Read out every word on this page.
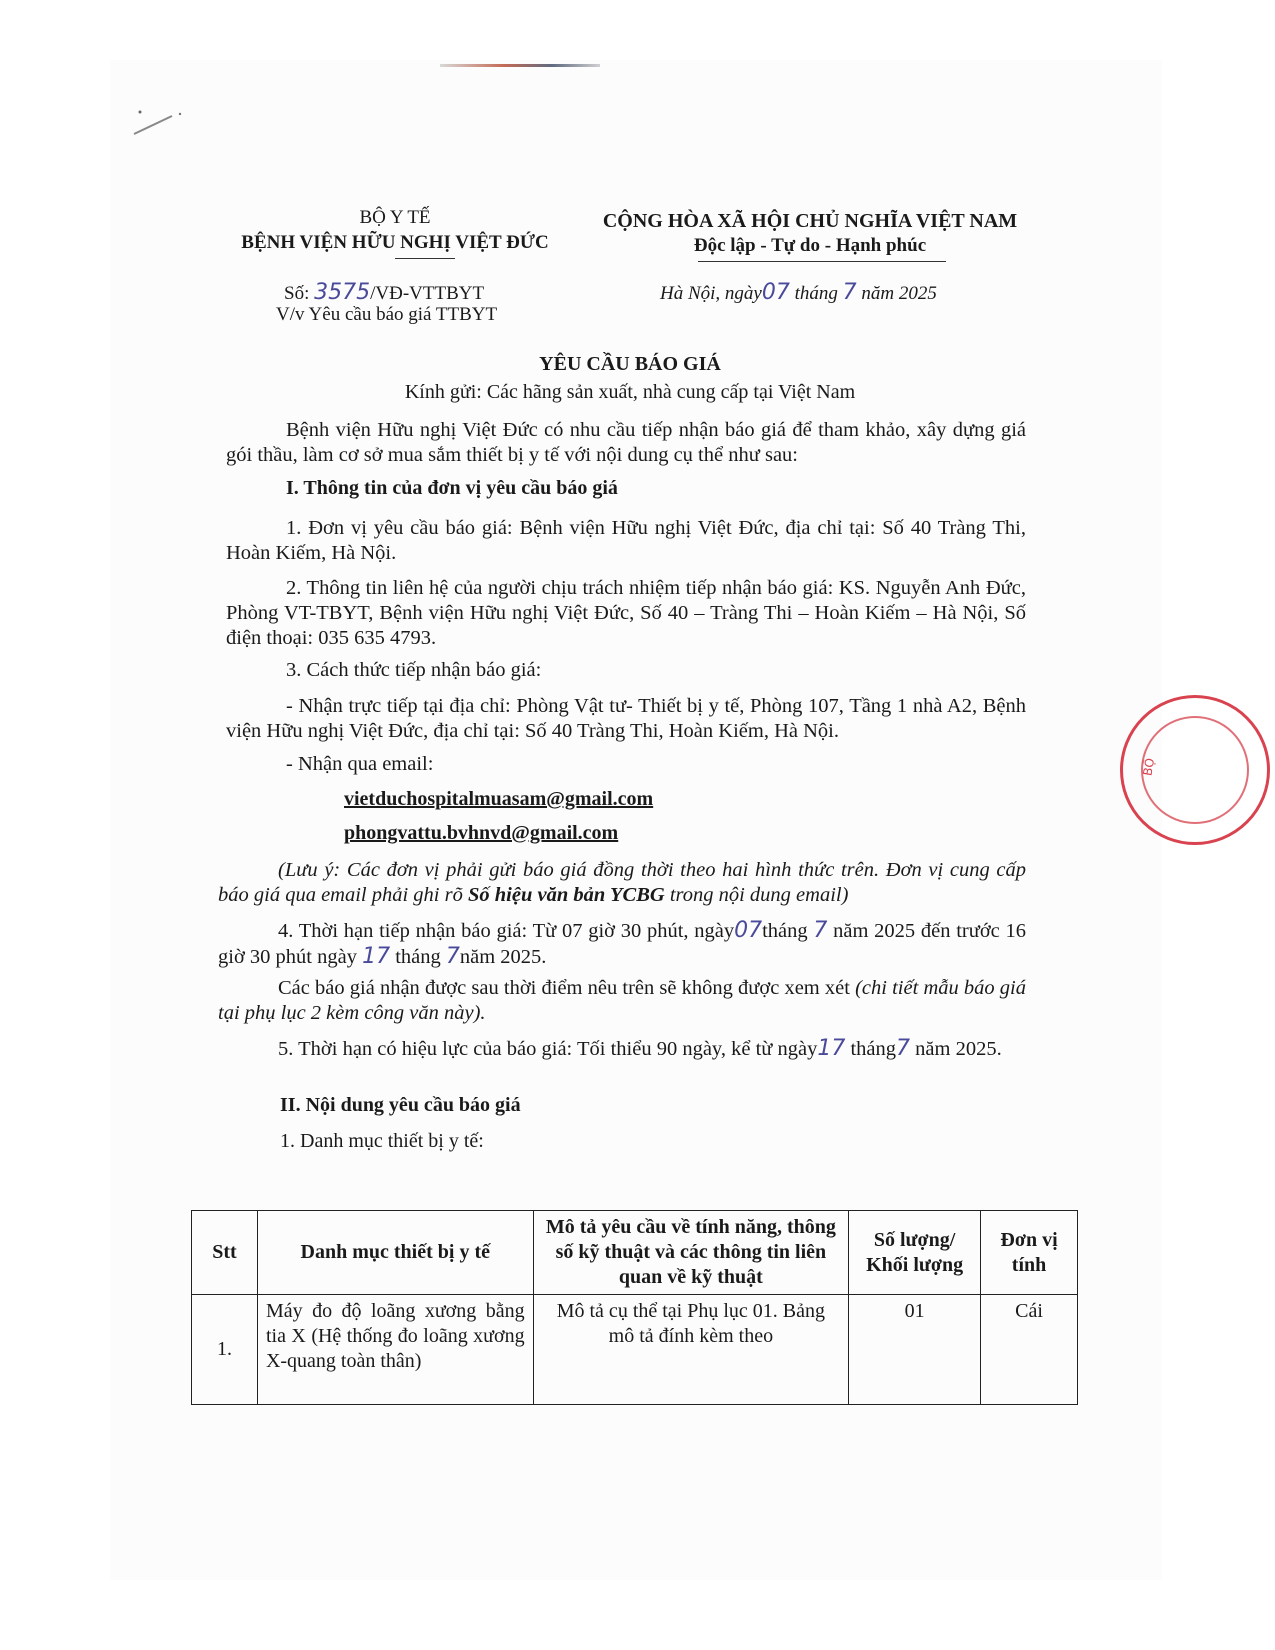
BỘ Y TẾ
BỆNH VIỆN HỮU NGHỊ VIỆT ĐỨC
Số: 3575/VĐ-VTTBYT
V/v Yêu cầu báo giá TTBYT
CỘNG HÒA XÃ HỘI CHỦ NGHĨA VIỆT NAM
Độc lập - Tự do - Hạnh phúc
Hà Nội, ngày07 tháng 7 năm 2025
YÊU CẦU BÁO GIÁ
Kính gửi: Các hãng sản xuất, nhà cung cấp tại Việt Nam
Bệnh viện Hữu nghị Việt Đức có nhu cầu tiếp nhận báo giá để tham khảo, xây dựng giá gói thầu, làm cơ sở mua sắm thiết bị y tế với nội dung cụ thể như sau:
I. Thông tin của đơn vị yêu cầu báo giá
1. Đơn vị yêu cầu báo giá: Bệnh viện Hữu nghị Việt Đức, địa chỉ tại: Số 40 Tràng Thi, Hoàn Kiếm, Hà Nội.
2. Thông tin liên hệ của người chịu trách nhiệm tiếp nhận báo giá: KS. Nguyễn Anh Đức, Phòng VT-TBYT, Bệnh viện Hữu nghị Việt Đức, Số 40 – Tràng Thi – Hoàn Kiếm – Hà Nội, Số điện thoại: 035 635 4793.
3. Cách thức tiếp nhận báo giá:
- Nhận trực tiếp tại địa chỉ: Phòng Vật tư- Thiết bị y tế, Phòng 107, Tầng 1 nhà A2, Bệnh viện Hữu nghị Việt Đức, địa chỉ tại: Số 40 Tràng Thi, Hoàn Kiếm, Hà Nội.
- Nhận qua email:
vietduchospitalmuasam@gmail.com
phongvattu.bvhnvd@gmail.com
(Lưu ý: Các đơn vị phải gửi báo giá đồng thời theo hai hình thức trên. Đơn vị cung cấp báo giá qua email phải ghi rõ Số hiệu văn bản YCBG trong nội dung email)
4. Thời hạn tiếp nhận báo giá: Từ 07 giờ 30 phút, ngày07tháng 7 năm 2025 đến trước 16 giờ 30 phút ngày 17 tháng 7năm 2025.
Các báo giá nhận được sau thời điểm nêu trên sẽ không được xem xét (chi tiết mẫu báo giá tại phụ lục 2 kèm công văn này).
5. Thời hạn có hiệu lực của báo giá: Tối thiểu 90 ngày, kể từ ngày17 tháng7 năm 2025.
II. Nội dung yêu cầu báo giá
1. Danh mục thiết bị y tế:
Stt	Danh mục thiết bị y tế	Mô tả yêu cầu về tính năng, thông số kỹ thuật và các thông tin liên quan về kỹ thuật	Số lượng/ Khối lượng	Đơn vị tính
1.	Máy đo độ loãng xương bằng tia X (Hệ thống đo loãng xương X-quang toàn thân)	Mô tả cụ thể tại Phụ lục 01. Bảng mô tả đính kèm theo	01	Cái
BỘ
